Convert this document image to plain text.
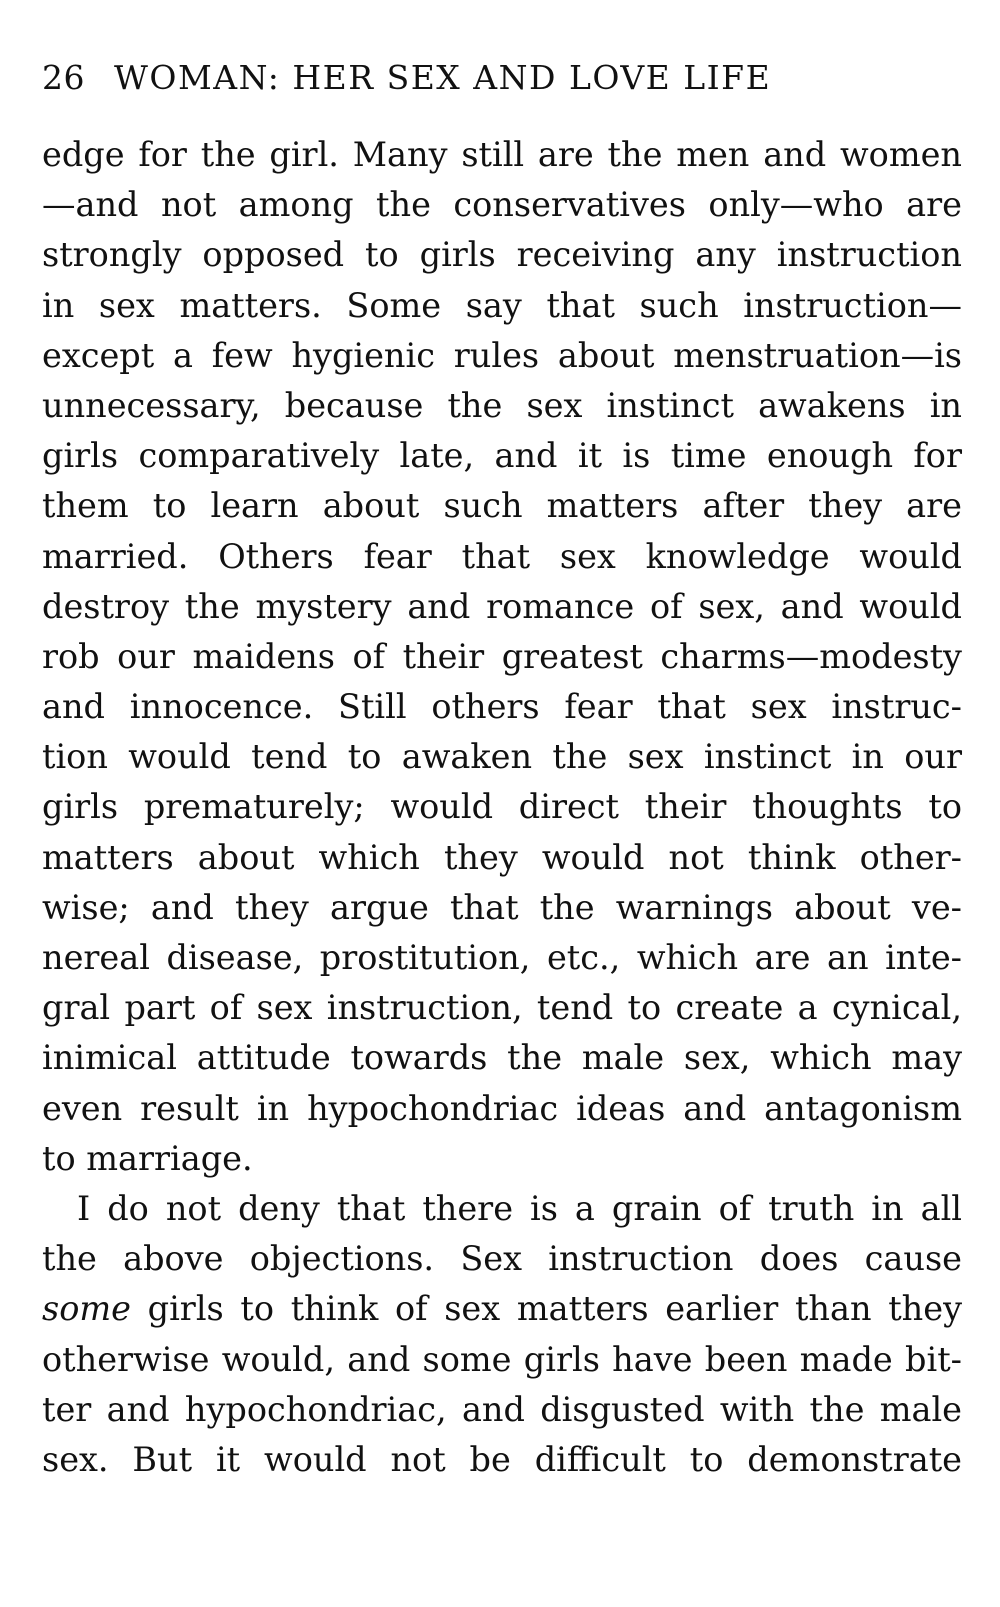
26 WOMAN: HER SEX AND LOVE LIFE

edge for the girl. Many still are the men and women
—and not among the conservatives only—who are
strongly opposed to girls receiving any instruction
in sex matters. Some say that such instruction—
except a few hygienic rules about menstruation—is
unnecessary, because the sex instinct awakens in
girls comparatively late, and it is time enough for
them to learn about such matters after they are
married. Others fear that sex knowledge would
destroy the mystery and romance of sex, and would
rob our maidens of their greatest charms—modesty
and innocence. Still others fear that sex instruc-
tion would tend to awaken the sex instinct in our
girls prematurely; would direct their thoughts to
matters about which they would not think other-
wise; and they argue that the warnings about ve-
nereal disease, prostitution, etc., which are an inte-
gral part of sex instruction, tend to create a cynical,
inimical attitude towards the male sex, which may
even result in hypochondriac ideas and antagonism
to marriage.

I do not deny that there is a grain of truth in all
the above objections. Sex instruction does cause
some girls to think of sex matters earlier than they
otherwise would, and some girls have been made bit-
ter and hypochondriac, and disgusted with the male
sex. But it would not be difficult to demonstrate
